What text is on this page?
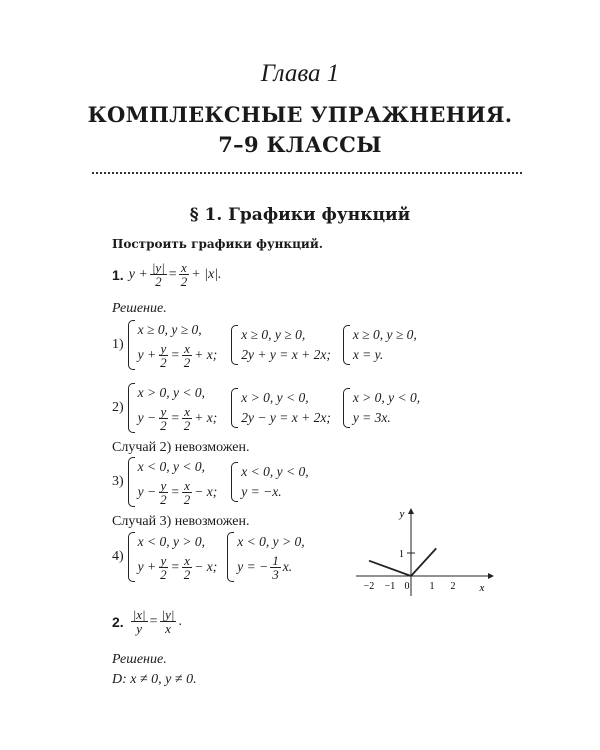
Глава 1
КОМПЛЕКСНЫЕ УПРАЖНЕНИЯ.
7–9 КЛАССЫ
§ 1. Графики функций
Построить графики функций.
1. $y + \frac{|y|}{2} = \frac{x}{2} + |x|$.
Решение.
1)
x ≥ 0, y ≥ 0,
$y + \frac{y}{2} = \frac{x}{2} + x$;
x ≥ 0, y ≥ 0,
2y + y = x + 2x;
x ≥ 0, y ≥ 0,
x = y.
2)
x > 0, y < 0,
$y - \frac{y}{2} = \frac{x}{2} + x$;
x > 0, y < 0,
2y − y = x + 2x;
x > 0, y < 0,
y = 3x.
Случай 2) невозможен.
3)
x < 0, y < 0,
$y - \frac{y}{2} = \frac{x}{2} - x$;
x < 0, y < 0,
y = −x.
Случай 3) невозможен.
4)
x < 0, y > 0,
$y + \frac{y}{2} = \frac{x}{2} - x$;
x < 0, y > 0,
y = − $\frac{1}{3} x$.
y
x
1
−2 −1 0 1 2
2. $\frac{|x|}{y} = \frac{|y|}{x}$ .
Решение.
D: x ≠ 0, y ≠ 0.
